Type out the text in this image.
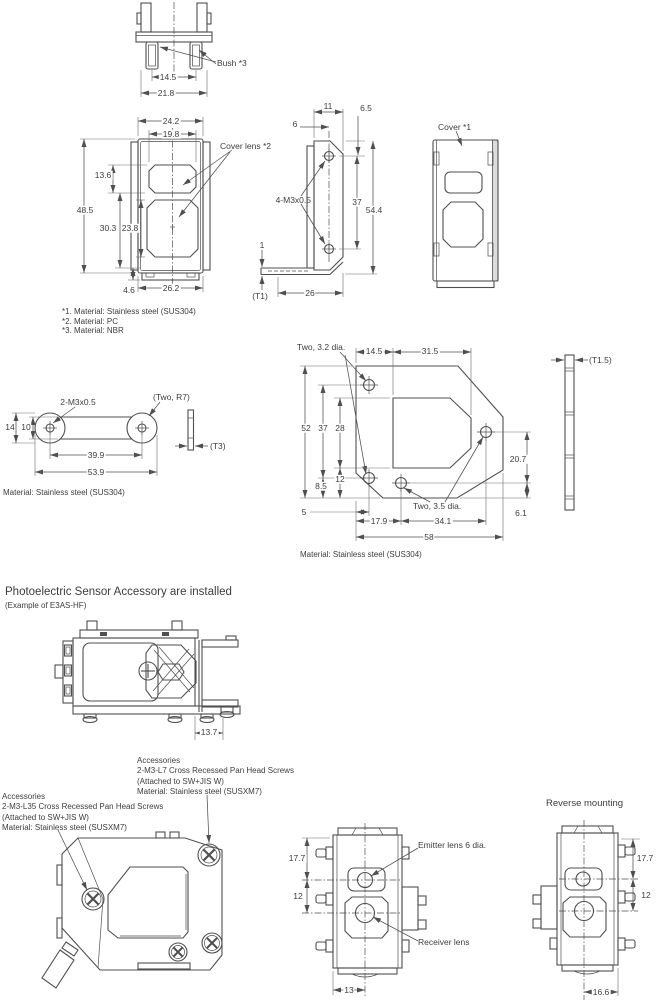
14.5
21.8
Bush *3
24.2
19.8
Cover lens *2
13.6
48.5
30.3 23.8
4.6	26.2
11	6.5
6
4-M3x0.5	37
54.4
1
(T1)	26
Cover *1
*1. Material: Stainless steel (SUS304)
*2. Material: PC
*3. Material: NBR
2-M3x0.5	(Two, R7)
14 10
39.9
53.9
(T3)
Material: Stainless steel (SUS304)
Two, 3.2 dia. 14.5	31.5
52 37 28
8.5
12
5
17.9	34.1
58
20.7
6.1
Two, 3.5 dia.
Material: Stainless steel (SUS304)
(T1.5)
Photoelectric Sensor Accessory are installed
(Example of E3AS-HF)
13.7
Accessories
2-M3-L7 Cross Recessed Pan Head Screws
(Attached to SW+JIS W)
Material: Stainless steel (SUSXM7)
Accessories
2-M3-L35 Cross Recessed Pan Head Screws
(Attached to SW+JIS W)
Material: Stainless steel (SUSXM7)
17.7
12
13
Emitter lens 6 dia.
Receiver lens
Reverse mounting
17.7
12
16.6
